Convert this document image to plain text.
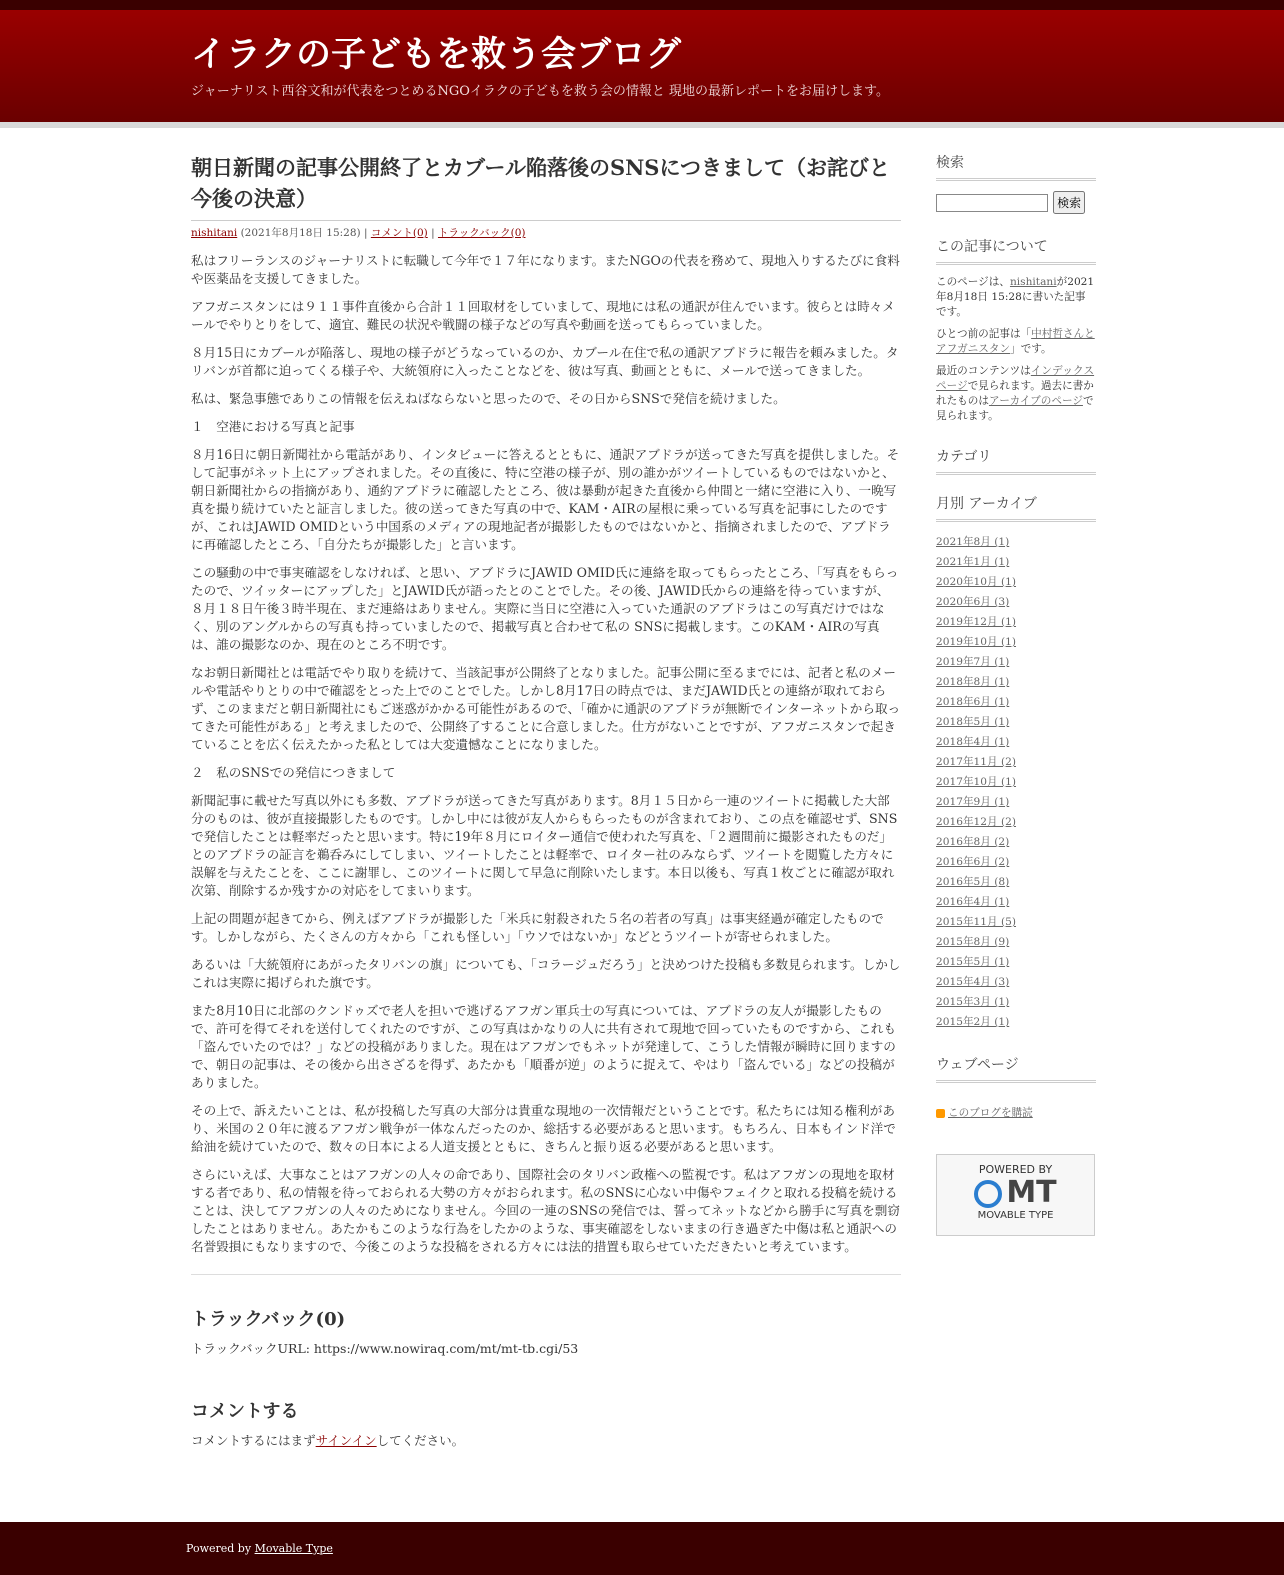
イラクの子どもを救う会ブログ
ジャーナリスト西谷文和が代表をつとめるNGOイラクの子どもを救う会の情報と 現地の最新レポートをお届けします。
朝日新聞の記事公開終了とカブール陥落後のSNSにつきまして（お詫びと今後の決意）
nishitani (2021年8月18日 15:28) | コメント(0) | トラックバック(0)

私はフリーランスのジャーナリストに転職して今年で１７年になります。またNGOの代表を務めて、現地入りするたびに食料や医薬品を支援してきました。

アフガニスタンには９１１事件直後から合計１１回取材をしていまして、現地には私の通訳が住んでいます。彼らとは時々メールでやりとりをして、適宜、難民の状況や戦闘の様子などの写真や動画を送ってもらっていました。

８月15日にカブールが陥落し、現地の様子がどうなっているのか、カブール在住で私の通訳アブドラに報告を頼みました。タリバンが首都に迫ってくる様子や、大統領府に入ったことなどを、彼は写真、動画とともに、メールで送ってきました。

私は、緊急事態でありこの情報を伝えねばならないと思ったので、その日からSNSで発信を続けました。

１　空港における写真と記事

８月16日に朝日新聞社から電話があり、インタビューに答えるとともに、通訳アブドラが送ってきた写真を提供しました。そして記事がネット上にアップされました。その直後に、特に空港の様子が、別の誰かがツイートしているものではないかと、朝日新聞社からの指摘があり、通約アブドラに確認したところ、彼は暴動が起きた直後から仲間と一緒に空港に入り、一晩写真を撮り続けていたと証言しました。彼の送ってきた写真の中で、KAM・AIRの屋根に乗っている写真を記事にしたのですが、これはJAWID OMIDという中国系のメディアの現地記者が撮影したものではないかと、指摘されましたので、アブドラに再確認したところ、「自分たちが撮影した」と言います。

この騒動の中で事実確認をしなければ、と思い、アブドラにJAWID OMID氏に連絡を取ってもらったところ、「写真をもらったので、ツイッターにアップした」とJAWID氏が語ったとのことでした。その後、JAWID氏からの連絡を待っていますが、８月１８日午後３時半現在、まだ連絡はありません。実際に当日に空港に入っていた通訳のアブドラはこの写真だけではなく、別のアングルからの写真も持っていましたので、掲載写真と合わせて私の SNSに掲載します。このKAM・AIRの写真は、誰の撮影なのか、現在のところ不明です。

なお朝日新聞社とは電話でやり取りを続けて、当該記事が公開終了となりました。記事公開に至るまでには、記者と私のメールや電話やりとりの中で確認をとった上でのことでした。しかし8月17日の時点では、まだJAWID氏との連絡が取れておらず、このままだと朝日新聞社にもご迷惑がかかる可能性があるので、「確かに通訳のアブドラが無断でインターネットから取ってきた可能性がある」と考えましたので、公開終了することに合意しました。仕方がないことですが、アフガニスタンで起きていることを広く伝えたかった私としては大変遺憾なことになりました。

２　私のSNSでの発信につきまして

新聞記事に載せた写真以外にも多数、アブドラが送ってきた写真があります。8月１５日から一連のツイートに掲載した大部分のものは、彼が直接撮影したものです。しかし中には彼が友人からもらったものが含まれており、この点を確認せず、SNSで発信したことは軽率だったと思います。特に19年８月にロイター通信で使われた写真を、「２週間前に撮影されたものだ」とのアブドラの証言を鵜呑みにしてしまい、ツイートしたことは軽率で、ロイター社のみならず、ツイートを閲覧した方々に誤解を与えたことを、ここに謝罪し、このツイートに関して早急に削除いたします。本日以後も、写真１枚ごとに確認が取れ次第、削除するか残すかの対応をしてまいります。

上記の問題が起きてから、例えばアブドラが撮影した「米兵に射殺された５名の若者の写真」は事実経過が確定したものです。しかしながら、たくさんの方々から「これも怪しい」「ウソではないか」などとうツイートが寄せられました。

あるいは「大統領府にあがったタリバンの旗」についても、「コラージュだろう」と決めつけた投稿も多数見られます。しかしこれは実際に掲げられた旗です。

また8月10日に北部のクンドゥズで老人を担いで逃げるアフガン軍兵士の写真については、アブドラの友人が撮影したもので、許可を得てそれを送付してくれたのですが、この写真はかなりの人に共有されて現地で回っていたものですから、これも「盗んでいたのでは？」などの投稿がありました。現在はアフガンでもネットが発達して、こうした情報が瞬時に回りますので、朝日の記事は、その後から出さざるを得ず、あたかも「順番が逆」のように捉えて、やはり「盗んでいる」などの投稿がありました。

その上で、訴えたいことは、私が投稿した写真の大部分は貴重な現地の一次情報だということです。私たちには知る権利があり、米国の２０年に渡るアフガン戦争が一体なんだったのか、総括する必要があると思います。もちろん、日本もインド洋で給油を続けていたので、数々の日本による人道支援とともに、きちんと振り返る必要があると思います。

さらにいえば、大事なことはアフガンの人々の命であり、国際社会のタリバン政権への監視です。私はアフガンの現地を取材する者であり、私の情報を待っておられる大勢の方々がおられます。私のSNSに心ない中傷やフェイクと取れる投稿を続けることは、決してアフガンの人々のためになりません。今回の一連のSNSの発信では、誓ってネットなどから勝手に写真を剽窃したことはありません。あたかもこのような行為をしたかのような、事実確認をしないままの行き過ぎた中傷は私と通訳への名誉毀損にもなりますので、今後このような投稿をされる方々には法的措置も取らせていただきたいと考えています。

トラックバック(0)
トラックバックURL: https://www.nowiraq.com/mt/mt-tb.cgi/53
コメントする
コメントするにはまずサインインしてください。
検索
検索
この記事について

このページは、nishitaniが2021年8月18日 15:28に書いた記事です。

ひとつ前の記事は「中村哲さんとアフガニスタン」です。

最近のコンテンツはインデックスページで見られます。過去に書かれたものはアーカイブのページで見られます。

カテゴリ
月別 アーカイブ
2021年8月 (1)
2021年1月 (1)
2020年10月 (1)
2020年6月 (3)
2019年12月 (1)
2019年10月 (1)
2019年7月 (1)
2018年8月 (1)
2018年6月 (1)
2018年5月 (1)
2018年4月 (1)
2017年11月 (2)
2017年10月 (1)
2017年9月 (1)
2016年12月 (2)
2016年8月 (2)
2016年6月 (2)
2016年5月 (8)
2016年4月 (1)
2015年11月 (5)
2015年8月 (9)
2015年5月 (1)
2015年4月 (3)
2015年3月 (1)
2015年2月 (1)
ウェブページ
このブログを購読
POWERED BY
MT
MOVABLE TYPE
Powered by Movable Type
